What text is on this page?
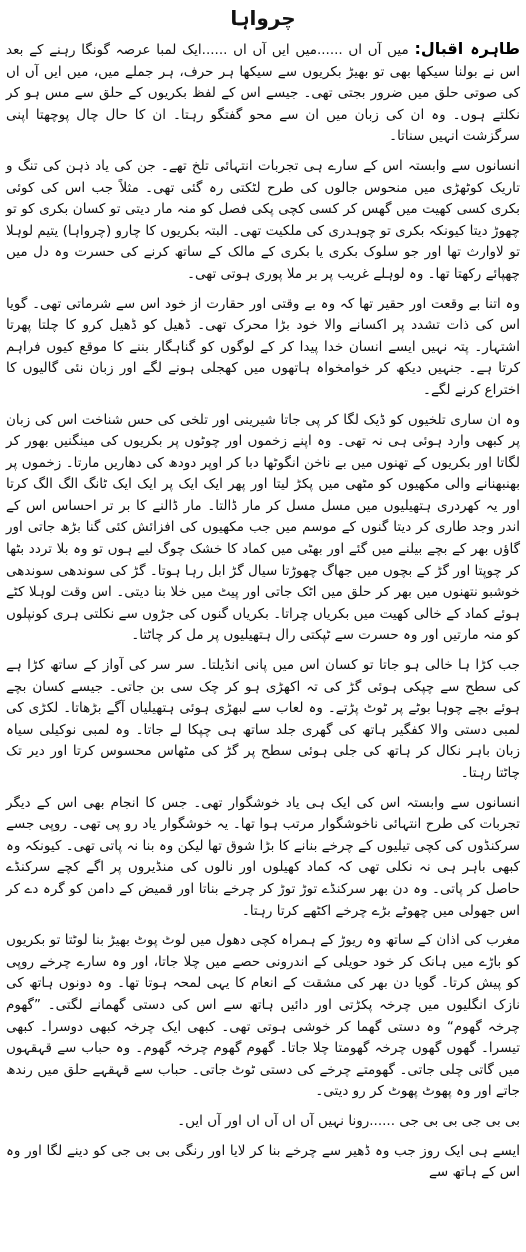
چرواہا

طاہرہ اقبال: میں آں اں ......میں ایں آں اں ......ایک لمبا عرصہ گونگا رہنے کے بعد اس نے بولنا سیکھا بھی تو بھیڑ بکریوں سے سیکھا ہر حرف، ہر جملے میں، میں ایں آں اں کی صوتی حلق میں ضرور بجتی تھی۔ جیسے اس کے لفظ بکریوں کے حلق سے مس ہو کر نکلتے ہوں۔ وہ ان کی زبان میں ان سے محو گفتگو رہتا۔ ان کا حال چال پوچھتا اپنی سرگزشت انہیں سناتا۔

انسانوں سے وابستہ اس کے سارے ہی تجربات انتہائی تلخ تھے۔ جن کی یاد ذہن کی تنگ و تاریک کوٹھڑی میں منحوس جالوں کی طرح لٹکتی رہ گئی تھی۔ مثلاً جب اس کی کوئی بکری کسی کھیت میں گھس کر کسی کچی پکی فصل کو منہ مار دیتی تو کسان بکری کو تو چھوڑ دیتا کیونکہ بکری تو چوہدری کی ملکیت تھی۔ البتہ بکریوں کا چارو (چرواہا) یتیم لوہلا تو لاوارث تھا اور جو سلوک بکری یا بکری کے مالک کے ساتھ کرنے کی حسرت وہ دل میں چھپائے رکھتا تھا۔ وہ لوہلے غریب پر بر ملا پوری ہوتی تھی۔

وہ اتنا بے وقعت اور حقیر تھا کہ وہ بے وقتی اور حقارت از خود اس سے شرماتی تھی۔ گویا اس کی ذات تشدد پر اکسانے والا خود بڑا محرک تھی۔ ڈھیل کو ڈھیل کرو کا چلتا پھرتا اشتہار۔ پتہ نہیں ایسے انسان خدا پیدا کر کے لوگوں کو گناہگار بننے کا موقع کیوں فراہم کرتا ہے۔ جنہیں دیکھ کر خوامخواہ ہاتھوں میں کھجلی ہونے لگے اور زبان نئی گالیوں کا اختراع کرنے لگے۔

وہ ان ساری تلخیوں کو ڈیک لگا کر پی جاتا شیرینی اور تلخی کی حس شناخت اس کی زبان پر کبھی وارد ہوئی ہی نہ تھی۔ وہ اپنے زخموں اور چوٹوں پر بکریوں کی مینگنیں بھور کر لگاتا اور بکریوں کے تھنوں میں بے ناخن انگوٹھا دبا کر اوپر دودھ کی دھاریں مارتا۔ زخموں پر بھنبھنانے والی مکھیوں کو مٹھی میں پکڑ لیتا اور پھر ایک ایک پر ایک ایک ٹانگ الگ الگ کرتا اور یہ کھردری ہتھیلیوں میں مسل مسل کر مار ڈالتا۔ مار ڈالنے کا بر تر احساس اس کے اندر وجد طاری کر دیتا گنوں کے موسم میں جب مکھیوں کی افزائش کئی گنا بڑھ جاتی اور گاؤں بھر کے بچے بیلنے میں گئے اور بھٹی میں کماد کا خشک چوگ لیے ہوں تو وہ بلا تردد بٹھا کر چوپتا اور گڑ کے بچوں میں جھاگ چھوڑتا سیال گڑ ابل رہا ہوتا۔ گڑ کی سوندھی سوندھی خوشبو نتھنوں میں بھر کر حلق میں اٹک جاتی اور پیٹ میں خلا بنا دیتی۔ اس وقت لوہلا کٹے ہوئے کماد کے خالی کھیت میں بکریاں چراتا۔ بکریاں گنوں کی جڑوں سے نکلتی ہری کونپلوں کو منہ مارتیں اور وہ حسرت سے ٹپکتی رال ہتھیلیوں پر مل کر چاٹتا۔

جب کڑا ہا خالی ہو جاتا تو کسان اس میں پانی انڈیلتا۔ سر سر کی آواز کے ساتھ کڑا ہے کی سطح سے چپکی ہوئی گڑ کی تہ اکھڑی ہو کر چک سی بن جاتی۔ جیسے کسان بچے ہوئے بچے چوہا بوٹے پر ٹوٹ پڑتے۔ وہ لعاب سے لبھڑی ہوئی ہتھیلیاں آگے بڑھاتا۔ لکڑی کی لمبی دستی والا کفگیر ہاتھ کی گھری جلد ساتھ ہی چپکا لے جاتا۔ وہ لمبی نوکیلی سیاہ زبان باہر نکال کر ہاتھ کی جلی ہوئی سطح پر گڑ کی مٹھاس محسوس کرتا اور دیر تک چاٹتا رہتا۔

انسانوں سے وابستہ اس کی ایک ہی یاد خوشگوار تھی۔ جس کا انجام بھی اس کے دیگر تجربات کی طرح انتہائی ناخوشگوار مرتب ہوا تھا۔ یہ خوشگوار یاد رو پی تھی۔ روپی جسے سرکنڈوں کی کچی تیلیوں کے چرخے بنانے کا بڑا شوق تھا لیکن وہ بنا نہ پاتی تھی۔ کیونکہ وہ کبھی باہر ہی نہ نکلی تھی کہ کماد کھیلوں اور نالوں کی منڈیروں پر اگے کچے سرکنڈے حاصل کر پاتی۔ وہ دن بھر سرکنڈے توڑ توڑ کر چرخے بناتا اور قمیض کے دامن کو گرہ دے کر اس جھولی میں چھوٹے بڑے چرخے اکٹھے کرتا رہتا۔

مغرب کی اذان کے ساتھ وہ ریوڑ کے ہمراہ کچی دھول میں لوٹ پوٹ بھیڑ بنا لوٹتا تو بکریوں کو باڑے میں ہانک کر خود حویلی کے اندرونی حصے میں چلا جاتا، اور وہ سارے چرخے روپی کو پیش کرتا۔ گویا دن بھر کی مشقت کے انعام کا یہی لمحہ ہوتا تھا۔ وہ دونوں ہاتھ کی نازک انگلیوں میں چرخہ پکڑتی اور دائیں ہاتھ سے اس کی دستی گھمانے لگتی۔ ”گھوم چرخہ گھوم“ وہ دستی گھما کر خوشی ہوتی تھی۔ کبھی ایک چرخہ کبھی دوسرا۔ کبھی تیسرا۔ گھوں گھوں چرخہ گھومتا چلا جاتا۔ گھوم گھوم چرخہ گھوم۔ وہ حباب سے قہقہوں میں گاتی چلی جاتی۔ گھومتے چرخے کی دستی ٹوٹ جاتی۔ حباب سے قہقہے حلق میں رندھ جاتے اور وہ پھوٹ پھوٹ کر رو دیتی۔

بی بی جی بی بی جی ......رونا نہیں آں اں آں اں اور آں ایں۔

ایسے ہی ایک روز جب وہ ڈھیر سے چرخے بنا کر لایا اور رنگی بی بی جی کو دینے لگا اور وہ اس کے ہاتھ سے
